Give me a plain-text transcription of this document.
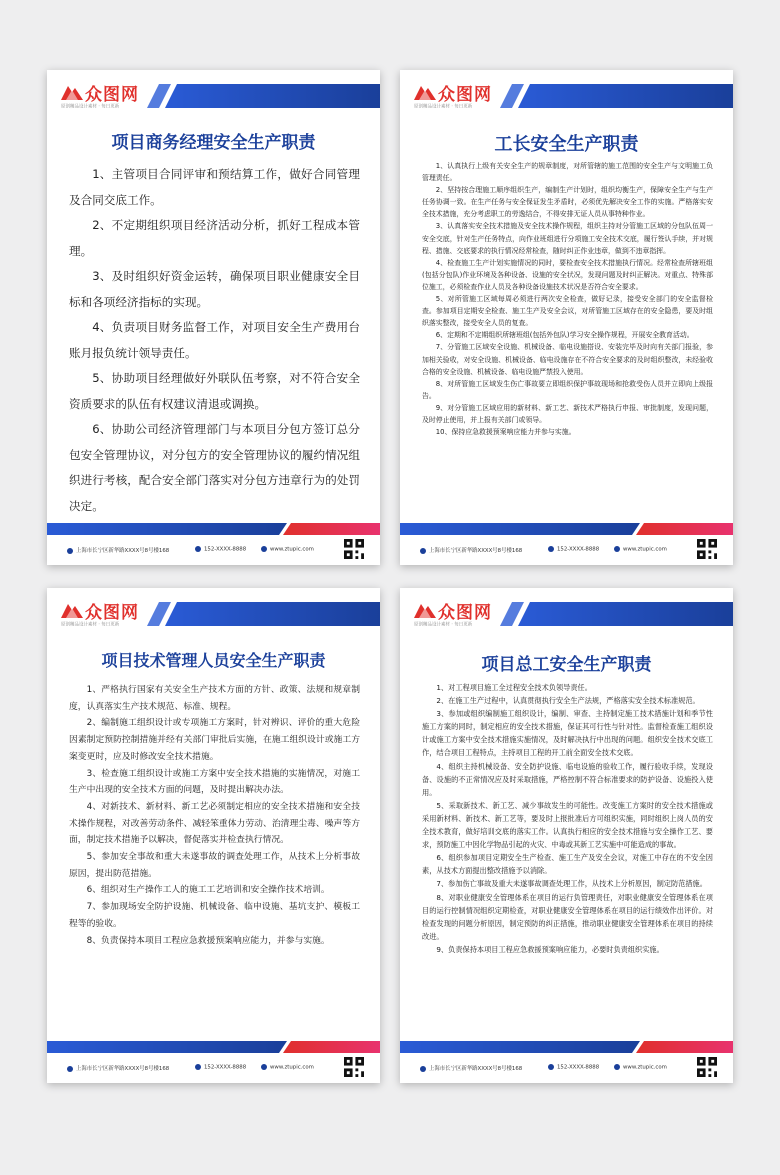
众图网
原创精品设计素材 · 每日更新
项目商务经理安全生产职责

1、主管项目合同评审和预结算工作，做好合同管理及合同交底工作。

2、不定期组织项目经济活动分析，抓好工程成本管理。

3、及时组织好资金运转，确保项目职业健康安全目标和各项经济指标的实现。

4、负责项目财务监督工作，对项目安全生产费用台账月报负统计领导责任。

5、协助项目经理做好外联队伍考察，对不符合安全资质要求的队伍有权建议清退或调换。

6、协助公司经济管理部门与本项目分包方签订总分包安全管理协议，对分包方的安全管理协议的履约情况组织进行考核，配合安全部门落实对分包方违章行为的处罚决定。

上海市长宁区新华路XXXX号8号楼168	152-XXXX-8888	www.ztupic.com
众图网
原创精品设计素材 · 每日更新
工长安全生产职责

1、认真执行上级有关安全生产的规章制度，对所管辖的施工范围的安全生产与文明施工负管理责任。

2、坚持按合理施工顺序组织生产，编制生产计划时，组织均衡生产，保障安全生产与生产任务协调一致。在生产任务与安全保证发生矛盾时，必须优先解决安全工作的实施。严格落实安全技术措施，充分考虑职工的劳逸结合，不得安排无证人员从事特种作业。

3、认真落实安全技术措施及安全技术操作规程，组织主持对分管施工区域的分包队伍周一安全交底，针对生产任务特点，向作业班组进行分项施工安全技术交底，履行签认手续，并对规程、措施、交底要求的执行情况经常检查，随时纠正作业违章，做到不违章指挥。

4、检查施工生产计划实施情况的同时，要检查安全技术措施执行情况。经常检查所辖班组(包括分包队)作业环境及各种设备、设施的安全状况，发现问题及时纠正解决。对重点、特殊部位施工，必须检查作业人员及各种设备设施技术状况是否符合安全要求。

5、对所管施工区域每周必须进行两次安全检查，做好记录，接受安全部门的安全监督检查。参加项目定期安全检查、施工生产及安全会议，对所管施工区域存在的安全隐患，要及时组织落实整改，接受安全人员的复查。

6、定期和不定期组织所辖班组(包括外包队)学习安全操作规程，开展安全教育活动。

7、分管施工区域安全设施、机械设备、临电设施搭设、安装完毕及时向有关部门报验，参加相关验收，对安全设施、机械设备、临电设施存在不符合安全要求的及时组织整改，未经验收合格的安全设施、机械设备、临电设施严禁投入使用。

8、对所管施工区域发生伤亡事故要立即组织保护事故现场和抢救受伤人员并立即向上级报告。

9、对分管施工区域应用的新材料、新工艺、新技术严格执行申报、审批制度，发现问题，及时停止使用，并上报有关部门或领导。

10、保持应急救援预案响应能力并参与实施。

上海市长宁区新华路XXXX号8号楼168	152-XXXX-8888	www.ztupic.com
众图网
原创精品设计素材 · 每日更新
项目技术管理人员安全生产职责

1、严格执行国家有关安全生产技术方面的方针、政策、法规和规章制度，认真落实生产技术规范、标准、规程。

2、编制施工组织设计或专项施工方案时，针对辨识、评价的重大危险因素制定预防控制措施并经有关部门审批后实施，在施工组织设计或施工方案变更时，应及时修改安全技术措施。

3、检查施工组织设计或施工方案中安全技术措施的实施情况，对施工生产中出现的安全技术方面的问题，及时提出解决办法。

4、对新技术、新材料、新工艺必须制定相应的安全技术措施和安全技术操作规程，对改善劳动条件、减轻笨重体力劳动、治清理尘毒、噪声等方面，制定技术措施予以解决，督促落实并检查执行情况。

5、参加安全事故和重大未遂事故的调查处理工作，从技术上分析事故原因，提出防范措施。

6、组织对生产操作工人的施工工艺培训和安全操作技术培训。

7、参加现场安全防护设施、机械设备、临申设施、基坑支护、模板工程等的验收。

8、负责保持本项目工程应急救援预案响应能力，并参与实施。

上海市长宁区新华路XXXX号8号楼168	152-XXXX-8888	www.ztupic.com
众图网
原创精品设计素材 · 每日更新
项目总工安全生产职责

1、对工程项目施工全过程安全技术负领导责任。

2、在施工生产过程中，认真贯彻执行安全生产法规，严格落实安全技术标准规范。

3、参加或组织编制施工组织设计，编制、审查、主持制定施工技术措施计划和季节性施工方案的同时，制定相应的安全技术措施，保证其可行性与针对性。监督检查施工组织设计或施工方案中安全技术措施实施情况，及时解决执行中出现的问题。组织安全技术交底工作，结合项目工程特点，主持项目工程的开工前全面安全技术交底。

4、组织主持机械设备、安全防护设施、临电设施的验收工作，履行验收手续，发现设备、设施的不正常情况应及时采取措施，严格控制不符合标准要求的防护设备、设施投入使用。

5、采取新技术、新工艺、减少事故发生的可能性。改变施工方案时的安全技术措施或采用新材料、新技术、新工艺等，要及时上报批准后方可组织实施，同时组织上岗人员的安全技术教育，做好培训交底的落实工作。认真执行相应的安全技术措施与安全操作工艺、要求，预防施工中因化学物品引起的火灾、中毒或其新工艺实施中可能造成的事故。

6、组织参加项目定期安全生产检查、施工生产及安全会议，对施工中存在的不安全因素，从技术方面提出整改措施予以消除。

7、参加伤亡事故及重大未遂事故调查处理工作，从技术上分析原因，制定防范措施。

8、对职业健康安全管理体系在项目的运行负管理责任，对职业健康安全管理体系在项目的运行控制情况组织定期检查，对职业健康安全管理体系在项目的运行绩效作出评价。对检查发现的问题分析原因，制定预防的纠正措施，推动职业健康安全管理体系在项目的持续改进。

9、负责保持本项目工程应急救援预案响应能力，必要时负责组织实施。

上海市长宁区新华路XXXX号8号楼168	152-XXXX-8888	www.ztupic.com
